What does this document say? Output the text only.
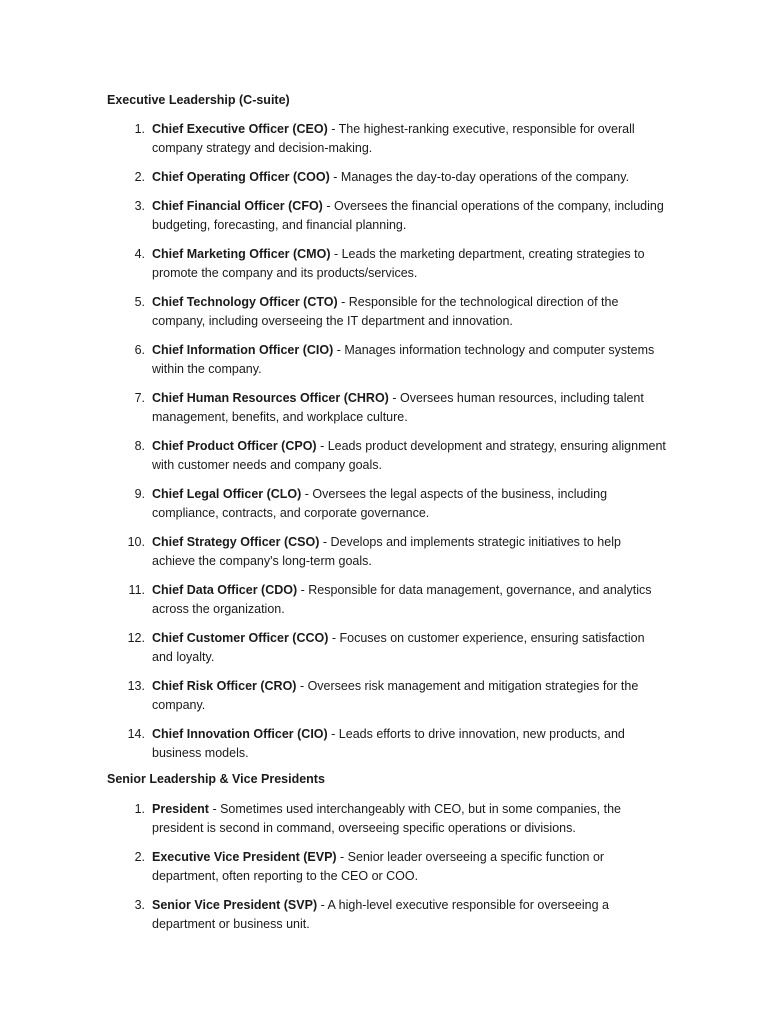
Executive Leadership (C-suite)
1. Chief Executive Officer (CEO) - The highest-ranking executive, responsible for overall company strategy and decision-making.
2. Chief Operating Officer (COO) - Manages the day-to-day operations of the company.
3. Chief Financial Officer (CFO) - Oversees the financial operations of the company, including budgeting, forecasting, and financial planning.
4. Chief Marketing Officer (CMO) - Leads the marketing department, creating strategies to promote the company and its products/services.
5. Chief Technology Officer (CTO) - Responsible for the technological direction of the company, including overseeing the IT department and innovation.
6. Chief Information Officer (CIO) - Manages information technology and computer systems within the company.
7. Chief Human Resources Officer (CHRO) - Oversees human resources, including talent management, benefits, and workplace culture.
8. Chief Product Officer (CPO) - Leads product development and strategy, ensuring alignment with customer needs and company goals.
9. Chief Legal Officer (CLO) - Oversees the legal aspects of the business, including compliance, contracts, and corporate governance.
10. Chief Strategy Officer (CSO) - Develops and implements strategic initiatives to help achieve the company's long-term goals.
11. Chief Data Officer (CDO) - Responsible for data management, governance, and analytics across the organization.
12. Chief Customer Officer (CCO) - Focuses on customer experience, ensuring satisfaction and loyalty.
13. Chief Risk Officer (CRO) - Oversees risk management and mitigation strategies for the company.
14. Chief Innovation Officer (CIO) - Leads efforts to drive innovation, new products, and business models.
Senior Leadership & Vice Presidents
1. President - Sometimes used interchangeably with CEO, but in some companies, the president is second in command, overseeing specific operations or divisions.
2. Executive Vice President (EVP) - Senior leader overseeing a specific function or department, often reporting to the CEO or COO.
3. Senior Vice President (SVP) - A high-level executive responsible for overseeing a department or business unit.
